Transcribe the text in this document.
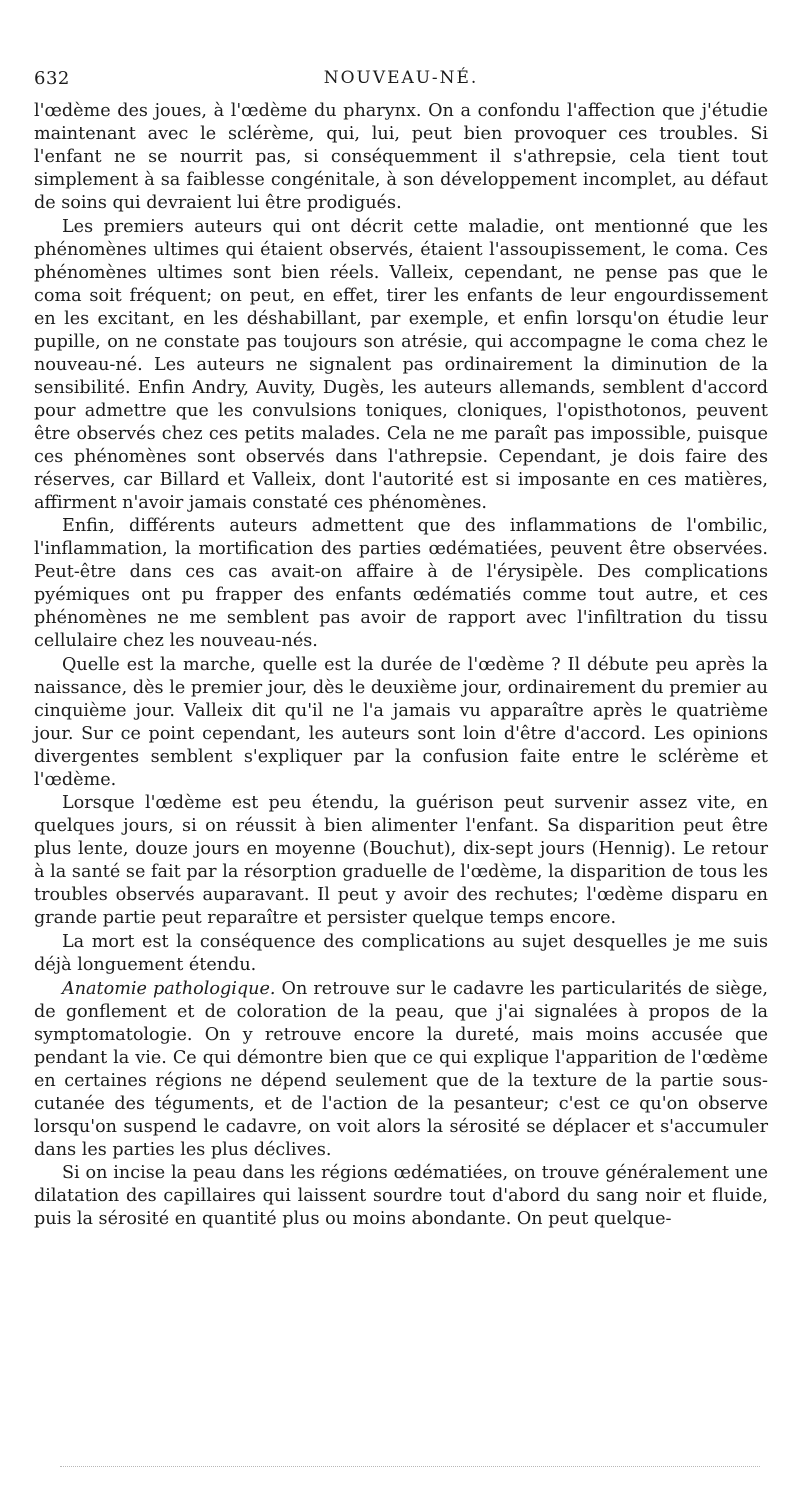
632	NOUVEAU-NÉ.

l'œdème des joues, à l'œdème du pharynx. On a confondu l'affection que j'étudie maintenant avec le sclérème, qui, lui, peut bien provoquer ces troubles. Si l'enfant ne se nourrit pas, si conséquemment il s'athrepsie, cela tient tout simplement à sa faiblesse congénitale, à son développement incomplet, au défaut de soins qui devraient lui être prodigués.

Les premiers auteurs qui ont décrit cette maladie, ont mentionné que les phénomènes ultimes qui étaient observés, étaient l'assoupissement, le coma. Ces phénomènes ultimes sont bien réels. Valleix, cependant, ne pense pas que le coma soit fréquent; on peut, en effet, tirer les enfants de leur engourdissement en les excitant, en les déshabillant, par exemple, et enfin lorsqu'on étudie leur pupille, on ne constate pas toujours son atrésie, qui accompagne le coma chez le nouveau-né. Les auteurs ne signalent pas ordinairement la diminution de la sensibilité. Enfin Andry, Auvity, Dugès, les auteurs allemands, semblent d'accord pour admettre que les convulsions toniques, cloniques, l'opisthotonos, peuvent être observés chez ces petits malades. Cela ne me paraît pas impossible, puisque ces phénomènes sont observés dans l'athrepsie. Cependant, je dois faire des réserves, car Billard et Valleix, dont l'autorité est si imposante en ces matières, affirment n'avoir jamais constaté ces phénomènes.

Enfin, différents auteurs admettent que des inflammations de l'ombilic, l'inflammation, la mortification des parties œdématiées, peuvent être observées. Peut-être dans ces cas avait-on affaire à de l'érysipèle. Des complications pyémiques ont pu frapper des enfants œdématiés comme tout autre, et ces phénomènes ne me semblent pas avoir de rapport avec l'infiltration du tissu cellulaire chez les nouveau-nés.

Quelle est la marche, quelle est la durée de l'œdème ? Il débute peu après la naissance, dès le premier jour, dès le deuxième jour, ordinairement du premier au cinquième jour. Valleix dit qu'il ne l'a jamais vu apparaître après le quatrième jour. Sur ce point cependant, les auteurs sont loin d'être d'accord. Les opinions divergentes semblent s'expliquer par la confusion faite entre le sclérème et l'œdème.

Lorsque l'œdème est peu étendu, la guérison peut survenir assez vite, en quelques jours, si on réussit à bien alimenter l'enfant. Sa disparition peut être plus lente, douze jours en moyenne (Bouchut), dix-sept jours (Hennig). Le retour à la santé se fait par la résorption graduelle de l'œdème, la disparition de tous les troubles observés auparavant. Il peut y avoir des rechutes; l'œdème disparu en grande partie peut reparaître et persister quelque temps encore.

La mort est la conséquence des complications au sujet desquelles je me suis déjà longuement étendu.

Anatomie pathologique. On retrouve sur le cadavre les particularités de siège, de gonflement et de coloration de la peau, que j'ai signalées à propos de la symptomatologie. On y retrouve encore la dureté, mais moins accusée que pendant la vie. Ce qui démontre bien que ce qui explique l'apparition de l'œdème en certaines régions ne dépend seulement que de la texture de la partie sous-cutanée des téguments, et de l'action de la pesanteur; c'est ce qu'on observe lorsqu'on suspend le cadavre, on voit alors la sérosité se déplacer et s'accumuler dans les parties les plus déclives.

Si on incise la peau dans les régions œdématiées, on trouve généralement une dilatation des capillaires qui laissent sourdre tout d'abord du sang noir et fluide, puis la sérosité en quantité plus ou moins abondante. On peut quelque-
